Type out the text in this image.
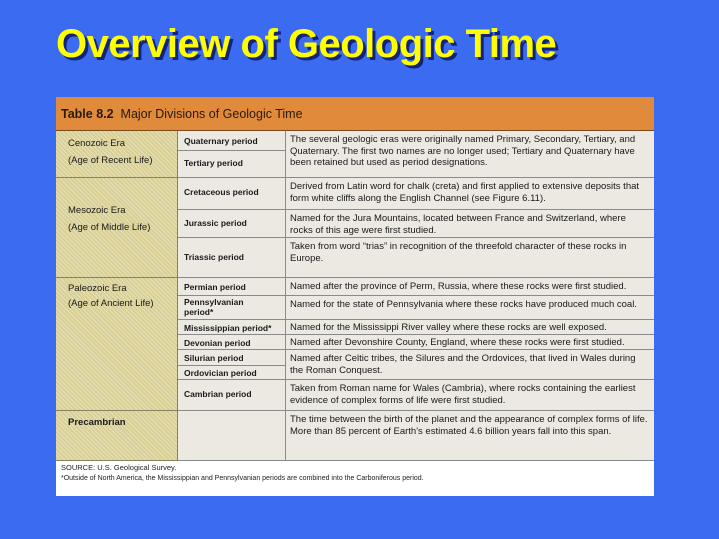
Overview of Geologic Time
Table 8.2 Major Divisions of Geologic Time
Cenozoic Era
(Age of Recent Life)
Mesozoic Era
(Age of Middle Life)
Paleozoic Era
(Age of Ancient Life)
Precambrian
Quaternary period
Tertiary period
Cretaceous period
Jurassic period
Triassic period
Permian period
Pennsylvanian period*
Mississippian period*
Devonian period
Silurian period
Ordovician period
Cambrian period

The several geologic eras were originally named Primary, Secondary, Tertiary, and Quaternary. The first two names are no longer used; Tertiary and Quaternary have been retained but used as period designations.

Derived from Latin word for chalk (creta) and first applied to extensive deposits that form white cliffs along the English Channel (see Figure 6.11).

Named for the Jura Mountains, located between France and Switzerland, where rocks of this age were first studied.

Taken from word “trias” in recognition of the threefold character of these rocks in Europe.

Named after the province of Perm, Russia, where these rocks were first studied.

Named for the state of Pennsylvania where these rocks have produced much coal.

Named for the Mississippi River valley where these rocks are well exposed.

Named after Devonshire County, England, where these rocks were first studied.

Named after Celtic tribes, the Silures and the Ordovices, that lived in Wales during the Roman Conquest.

Taken from Roman name for Wales (Cambria), where rocks containing the earliest evidence of complex forms of life were first studied.

The time between the birth of the planet and the appearance of complex forms of life. More than 85 percent of Earth's estimated 4.6 billion years fall into this span.

SOURCE: U.S. Geological Survey.
*Outside of North America, the Mississippian and Pennsylvanian periods are combined into the Carboniferous period.
